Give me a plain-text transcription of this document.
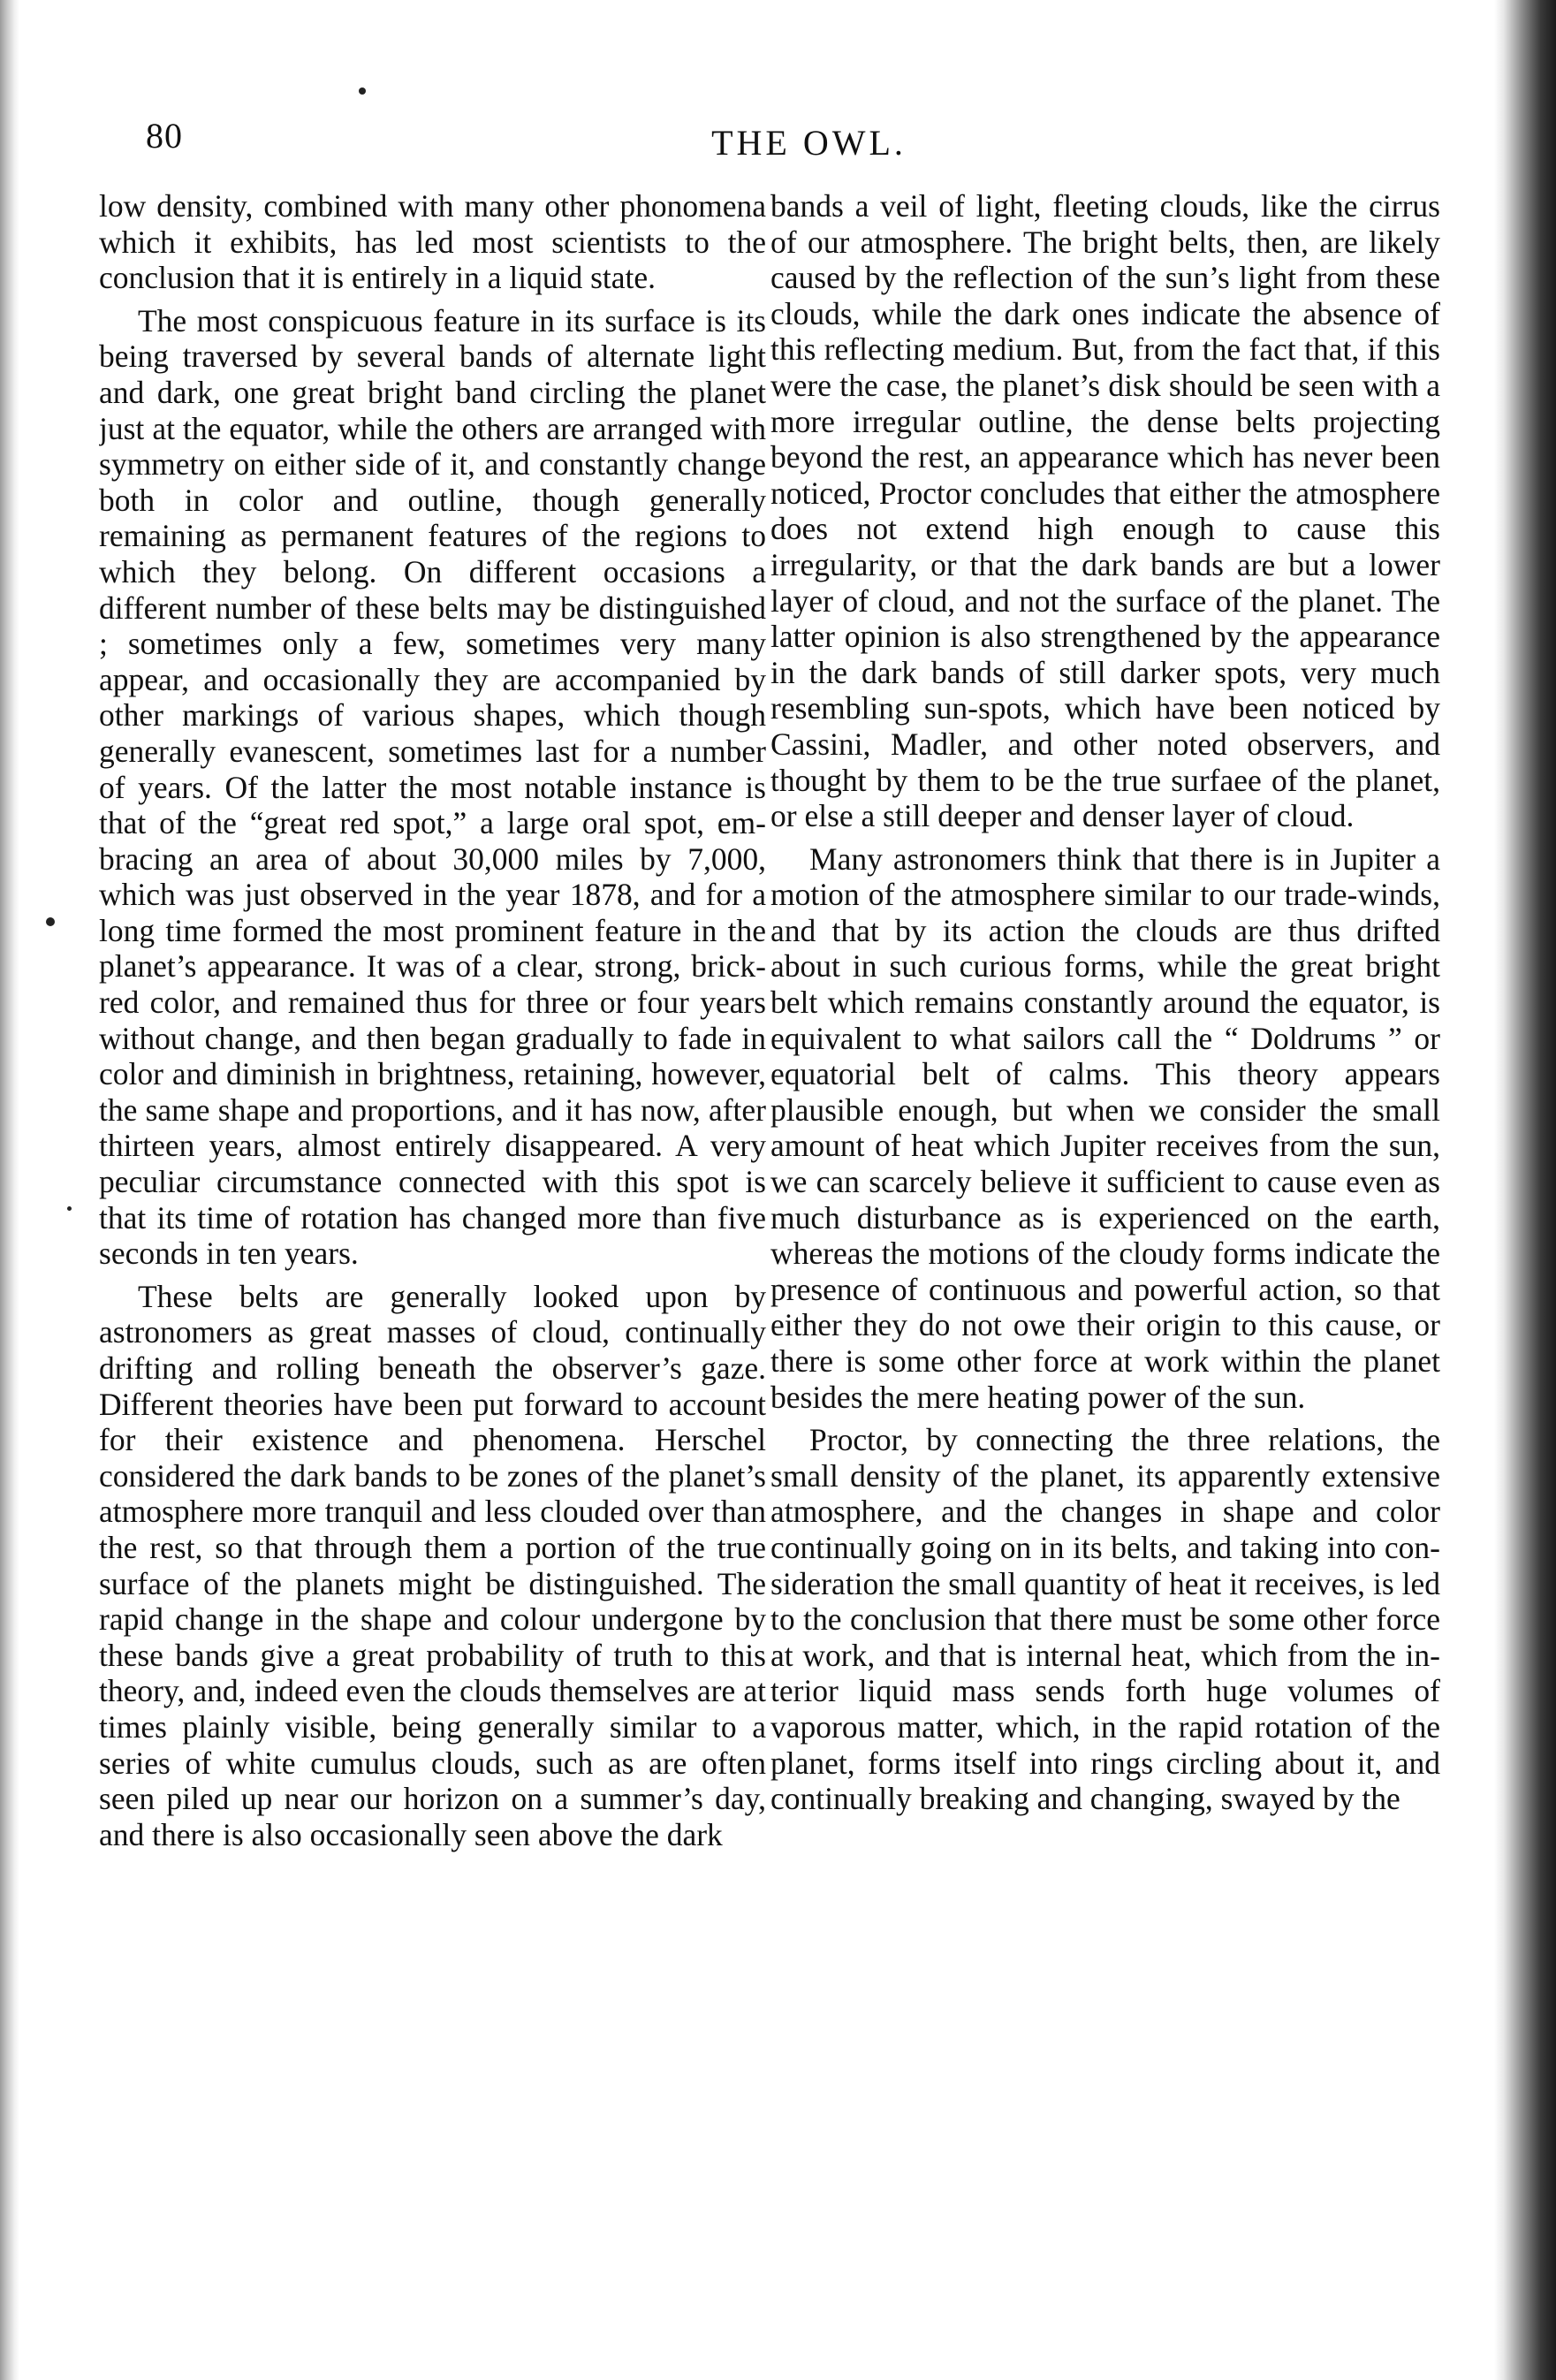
80	THE OWL.

low density, combined with many other phonomena which it exhibits, has led most scientists to the conclusion that it is entirely in a liquid state.

The most conspicuous feature in its surface is its being traversed by several bands of alternate light and dark, one great bright band circling the planet just at the equator, while the others are arranged with symmetry on either side of it, and constantly change both in color and outline, though generally remaining as permanent features of the regions to which they belong. On different occasions a different number of these belts may be distinguished ; sometimes only a few, sometimes very many appear, and occasionally they are accompanied by other markings of various shapes, which though generally evanescent, sometimes last for a number of years. Of the latter the most notable instance is that of the “great red spot,” a large oral spot, embracing an area of about 30,000 miles by 7,000, which was just observed in the year 1878, and for a long time formed the most prominent feature in the planet’s appearance. It was of a clear, strong, brick-red color, and remained thus for three or four years without change, and then began gradually to fade in color and diminish in brightness, retaining, however, the same shape and proportions, and it has now, after thirteen years, almost entirely disappeared. A very peculiar circumstance connected with this spot is that its time of rotation has changed more than five seconds in ten years.

These belts are generally looked upon by astronomers as great masses of cloud, continually drifting and rolling beneath the observer’s gaze. Different theories have been put forward to account for their existence and phenomena. Herschel considered the dark bands to be zones of the planet’s atmosphere more tranquil and less clouded over than the rest, so that through them a portion of the true surface of the planets might be distinguished. The rapid change in the shape and colour undergone by these bands give a great probability of truth to this theory, and, indeed even the clouds themselves are at times plainly visible, being generally similar to a series of white cumulus clouds, such as are often seen piled up near our horizon on a summer’s day, and there is also occasionally seen above the dark

bands a veil of light, fleeting clouds, like the cirrus of our atmosphere. The bright belts, then, are likely caused by the reflection of the sun’s light from these clouds, while the dark ones indicate the absence of this reflecting medium. But, from the fact that, if this were the case, the planet’s disk should be seen with a more irregular outline, the dense belts projecting beyond the rest, an appearance which has never been noticed, Proctor concludes that either the atmosphere does not extend high enough to cause this irregularity, or that the dark bands are but a lower layer of cloud, and not the surface of the planet. The latter opinion is also strengthened by the appearance in the dark bands of still darker spots, very much resembling sun-spots, which have been noticed by Cassini, Madler, and other noted observers, and thought by them to be the true surfaee of the planet, or else a still deeper and denser layer of cloud.

Many astronomers think that there is in Jupiter a motion of the atmosphere similar to our trade-winds, and that by its action the clouds are thus drifted about in such curious forms, while the great bright belt which remains constantly around the equator, is equivalent to what sailors call the “ Doldrums ” or equatorial belt of calms. This theory appears plausible enough, but when we consider the small amount of heat which Jupiter receives from the sun, we can scarcely believe it sufficient to cause even as much disturbance as is experienced on the earth, whereas the motions of the cloudy forms indicate the presence of continuous and powerful action, so that either they do not owe their origin to this cause, or there is some other force at work within the planet besides the mere heating power of the sun.

Proctor, by connecting the three relations, the small density of the planet, its apparently extensive atmosphere, and the changes in shape and color continually going on in its belts, and taking into consideration the small quantity of heat it receives, is led to the conclusion that there must be some other force at work, and that is internal heat, which from the interior liquid mass sends forth huge volumes of vaporous matter, which, in the rapid rotation of the planet, forms itself into rings circling about it, and continually breaking and changing, swayed by the
